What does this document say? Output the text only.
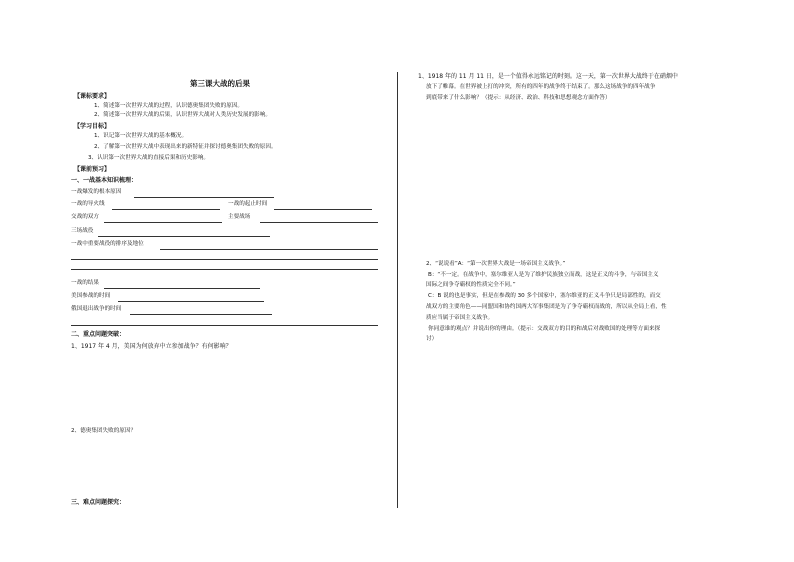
第三课大战的后果
【课标要求】
1、简述第一次世界大战的过程，认识德奥集团失败的原因。
2、简述第一次世界大战的后果，认识世界大战对人类历史发展的影响。
【学习目标】
1、识记第一次世界大战的基本概况。
2、了解第一次世界大战中表现出来的新特征并探讨德奥集团失败的原因。
3、认识第一次世界大战的直接后果和历史影响。
【课前预习】
一、一战基本知识梳理：
一战爆发的根本原因
一战的导火线	一战的起止时间
交战的双方	主要战场
三场战役
一战中重要战役的排序及地位
一战的结果
美国参战的时间
俄国退出战争的时间
二、重点问题突破：
1、1917 年 4 月，美国为何放弃中立参加战争？有何影响？
2、德奥集团失败的原因？
三、难点问题探究：
1、1918 年的 11 月 11 日，是一个值得永远铭记的时刻。这一天，第一次世界大战终于在硝烟中
放下了帷幕。在世界被上打的冲突，所有的四年的战争终于结束了。那么这场战争的四年战争
到底带来了什么影响？（提示：从经济、政治、科技和思想观念方面作答）
2、“说说看”A：“第一次世界大战是一场帝国主义战争。”
B：“不一定。在战争中，塞尔维亚人是为了维护民族独立而战，这是正义的斗争，与帝国主义
国际之间争夺霸权的性质完全不同。”
C：B 说的也是事实，但是在参战的 30 多个国家中，塞尔维亚的正义斗争只是局部性的，而交
战双方的主要角色——同盟国和协约国两大军事集团是为了争夺霸权而战的，所以从全局上看，性
质应当属于帝国主义战争。
你同意谁的观点？并说出你的理由。（提示：交战双方的目的和战后对战败国的处理等方面来探
讨）
